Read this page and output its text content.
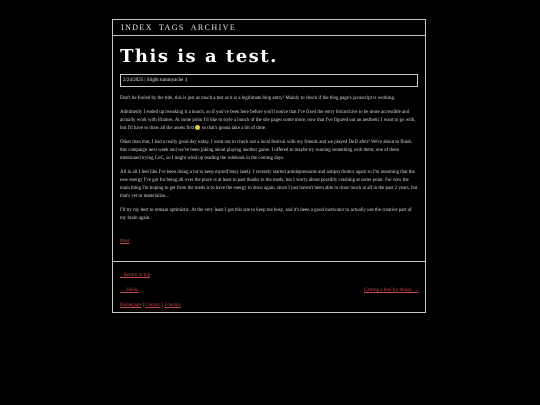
INDEX TAGS ARCHIVE
This is a test.
2/24/2025 | Slight tummyache :(

Don't be fooled by the title, this is just as much a test as it is a legitimate blog entry! Mainly to check if the blog page's javascript is working.

Admittedly I ended up tweaking it a bunch, so if you've been here before you'll notice that I've fixed the entry list/archive to be more accessible and actually work with iframes. At some point I'd like to style a bunch of the site pages some more, now that I've figured out an aesthetic I want to go with, but I'll have to draw all the assets first  so that's gonna take a bit of time.

Other than that, I had a really good day today. I went out to check out a local festival with my friends and we played DnD after! We're about to finish this campaign next week and we've been joking about playing another game. I offered to maybe try running something with them; one of them mentioned trying CoC, so I might wind up reading the rulebook in the coming days.

All in all I feel like I've been doing a lot to keep myself busy lately. I recently started antidepressants and antipsychotics again so I'm assuming that the new energy I've got for being all over the place is at least in part thanks to the meds, but I worry about possibly crashing at some point. For now the main thing I'm hoping to get from the meds is to have the energy to draw again, since I just haven't been able to draw much at all in the past 2 years, but that's yet to materialize...

I'll try my best to remain optimistic. At the very least I got this site to keep me busy, and it's been a good motivator to actually use the creative part of my brain again.

#test
↑ Return to top
← Hello.	Getting a feel for things →
Homepage | Contact | Zonelon
